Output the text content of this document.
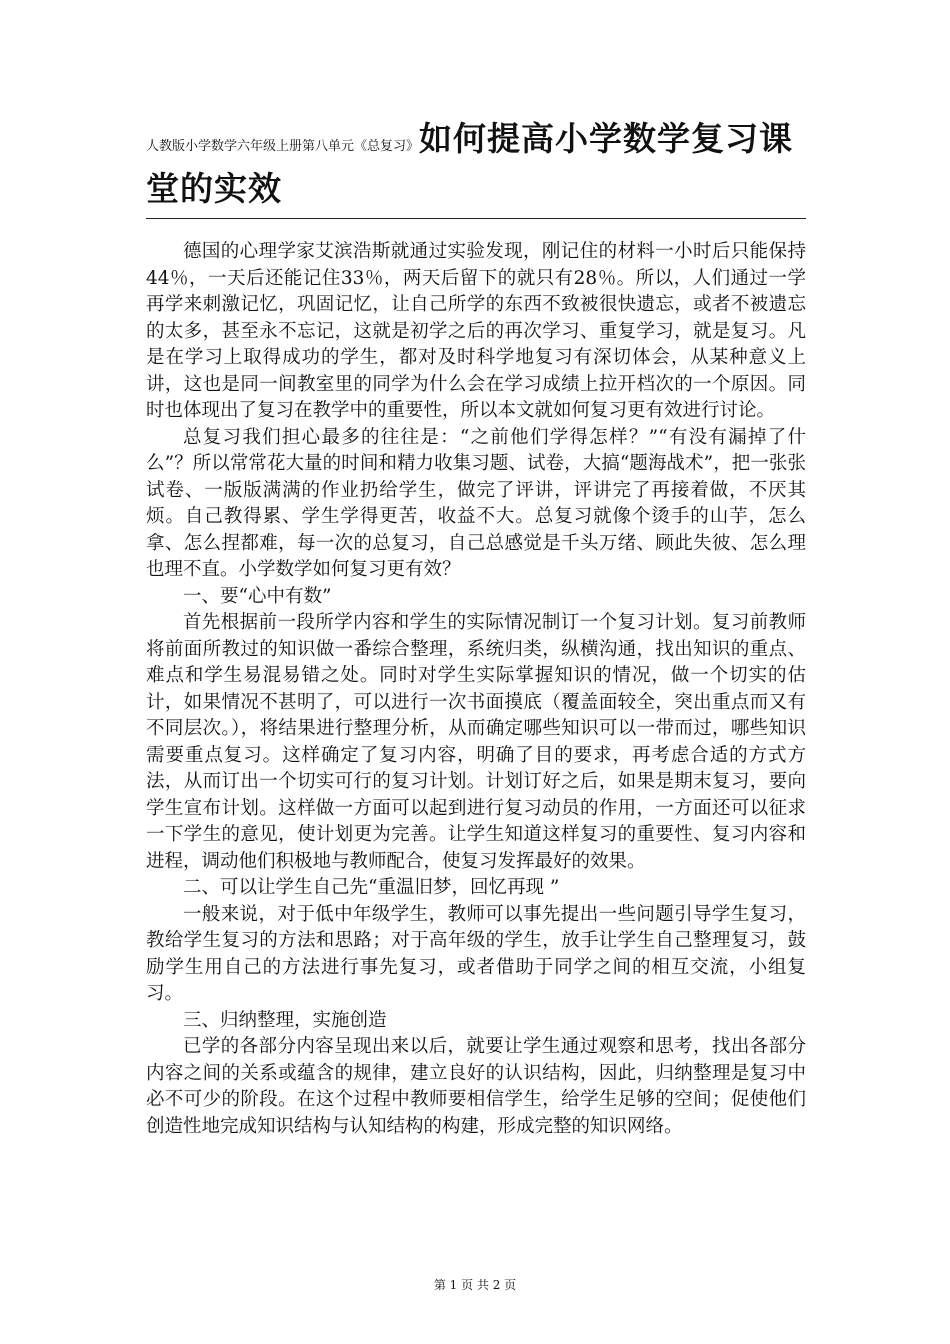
人教版小学数学六年级上册第八单元《总复习》如何提高小学数学复习课堂的实效

德国的心理学家艾滨浩斯就通过实验发现，刚记住的材料一小时后只能保持44％，一天后还能记住33％，两天后留下的就只有28％。所以，人们通过一学再学来刺激记忆，巩固记忆，让自己所学的东西不致被很快遗忘，或者不被遗忘的太多，甚至永不忘记，这就是初学之后的再次学习、重复学习，就是复习。凡是在学习上取得成功的学生，都对及时科学地复习有深切体会，从某种意义上讲，这也是同一间教室里的同学为什么会在学习成绩上拉开档次的一个原因。同时也体现出了复习在教学中的重要性，所以本文就如何复习更有效进行讨论。

总复习我们担心最多的往往是：“之前他们学得怎样？”“有没有漏掉了什么”？所以常常花大量的时间和精力收集习题、试卷，大搞“题海战术”，把一张张试卷、一版版满满的作业扔给学生，做完了评讲，评讲完了再接着做，不厌其烦。自己教得累、学生学得更苦，收益不大。总复习就像个烫手的山芋，怎么拿、怎么捏都难，每一次的总复习，自己总感觉是千头万绪、顾此失彼、怎么理也理不直。小学数学如何复习更有效？

一、要“心中有数”

首先根据前一段所学内容和学生的实际情况制订一个复习计划。复习前教师将前面所教过的知识做一番综合整理，系统归类，纵横沟通，找出知识的重点、难点和学生易混易错之处。同时对学生实际掌握知识的情况，做一个切实的估计，如果情况不甚明了，可以进行一次书面摸底（覆盖面较全，突出重点而又有不同层次。），将结果进行整理分析，从而确定哪些知识可以一带而过，哪些知识需要重点复习。这样确定了复习内容，明确了目的要求，再考虑合适的方式方法，从而订出一个切实可行的复习计划。计划订好之后，如果是期末复习，要向学生宣布计划。这样做一方面可以起到进行复习动员的作用，一方面还可以征求一下学生的意见，使计划更为完善。让学生知道这样复习的重要性、复习内容和进程，调动他们积极地与教师配合，使复习发挥最好的效果。

二、可以让学生自己先“重温旧梦，回忆再现 ”

一般来说，对于低中年级学生，教师可以事先提出一些问题引导学生复习，教给学生复习的方法和思路；对于高年级的学生，放手让学生自己整理复习，鼓励学生用自己的方法进行事先复习，或者借助于同学之间的相互交流，小组复习。

三、归纳整理，实施创造

已学的各部分内容呈现出来以后，就要让学生通过观察和思考，找出各部分内容之间的关系或蕴含的规律，建立良好的认识结构，因此，归纳整理是复习中必不可少的阶段。在这个过程中教师要相信学生，给学生足够的空间；促使他们创造性地完成知识结构与认知结构的构建，形成完整的知识网络。

第 1 页 共 2 页
